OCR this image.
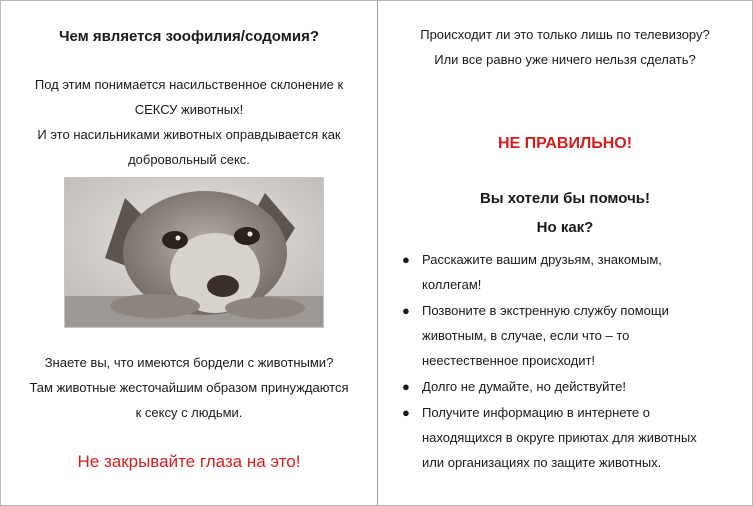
Чем является зоофилия/содомия?
Под этим понимается насильственное склонение к
СЕКСУ животных!
И это насильниками животных оправдывается как
добровольный секс.
Знаете вы, что имеются бордели с животными?
Там животные жесточайшим образом принуждаются
к сексу с людьми.
Не закрывайте глаза на это!
Происходит ли это только лишь по телевизору?
Или все равно уже ничего нельзя сделать?
НЕ ПРАВИЛЬНО!
Вы хотели бы помочь!
Но как?
● Расскажите вашим друзьям, знакомым,
коллегам!
● Позвоните в экстренную службу помощи
животным, в случае, если что – то
неестественное происходит!
● Долго не думайте, но действуйте!
● Получите информацию в интернете о
находящихся в округе приютах для животных
или организациях по защите животных.
